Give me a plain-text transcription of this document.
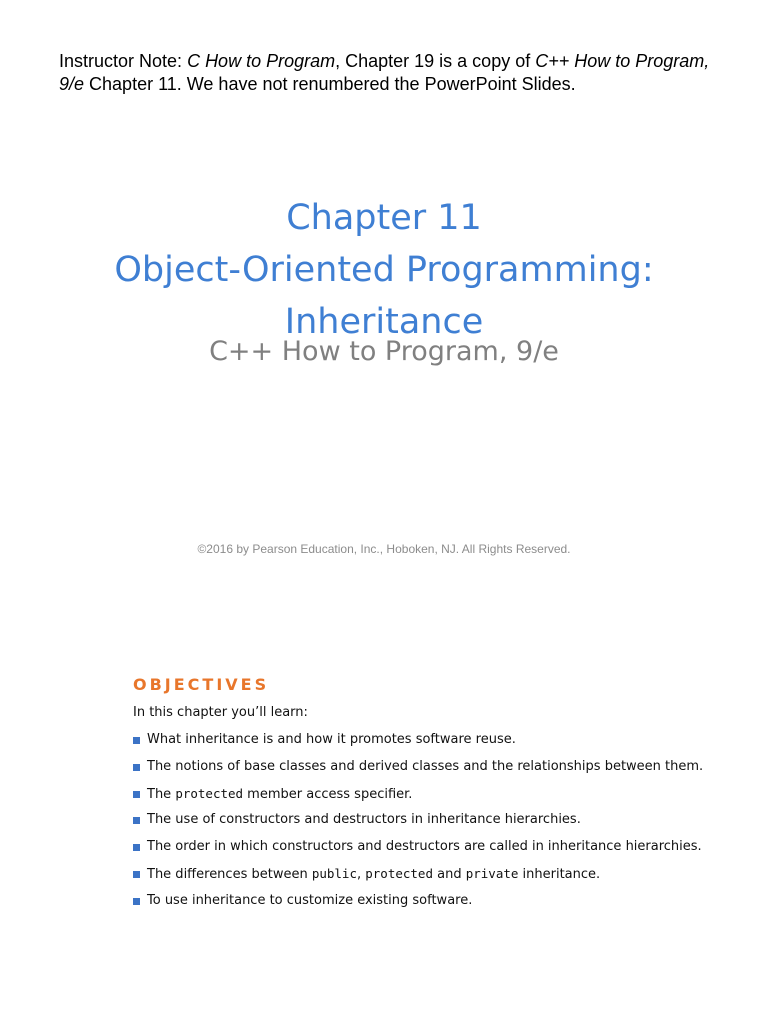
Instructor Note: C How to Program, Chapter 19 is a copy of C++ How to Program, 9/e Chapter 11. We have not renumbered the PowerPoint Slides.
Chapter 11
Object-Oriented Programming:
Inheritance
C++ How to Program, 9/e
©2016 by Pearson Education, Inc., Hoboken, NJ. All Rights Reserved.
OBJECTIVES
In this chapter you’ll learn:
What inheritance is and how it promotes software reuse.
The notions of base classes and derived classes and the relationships between them.
The protected member access specifier.
The use of constructors and destructors in inheritance hierarchies.
The order in which constructors and destructors are called in inheritance hierarchies.
The differences between public, protected and private inheritance.
To use inheritance to customize existing software.
